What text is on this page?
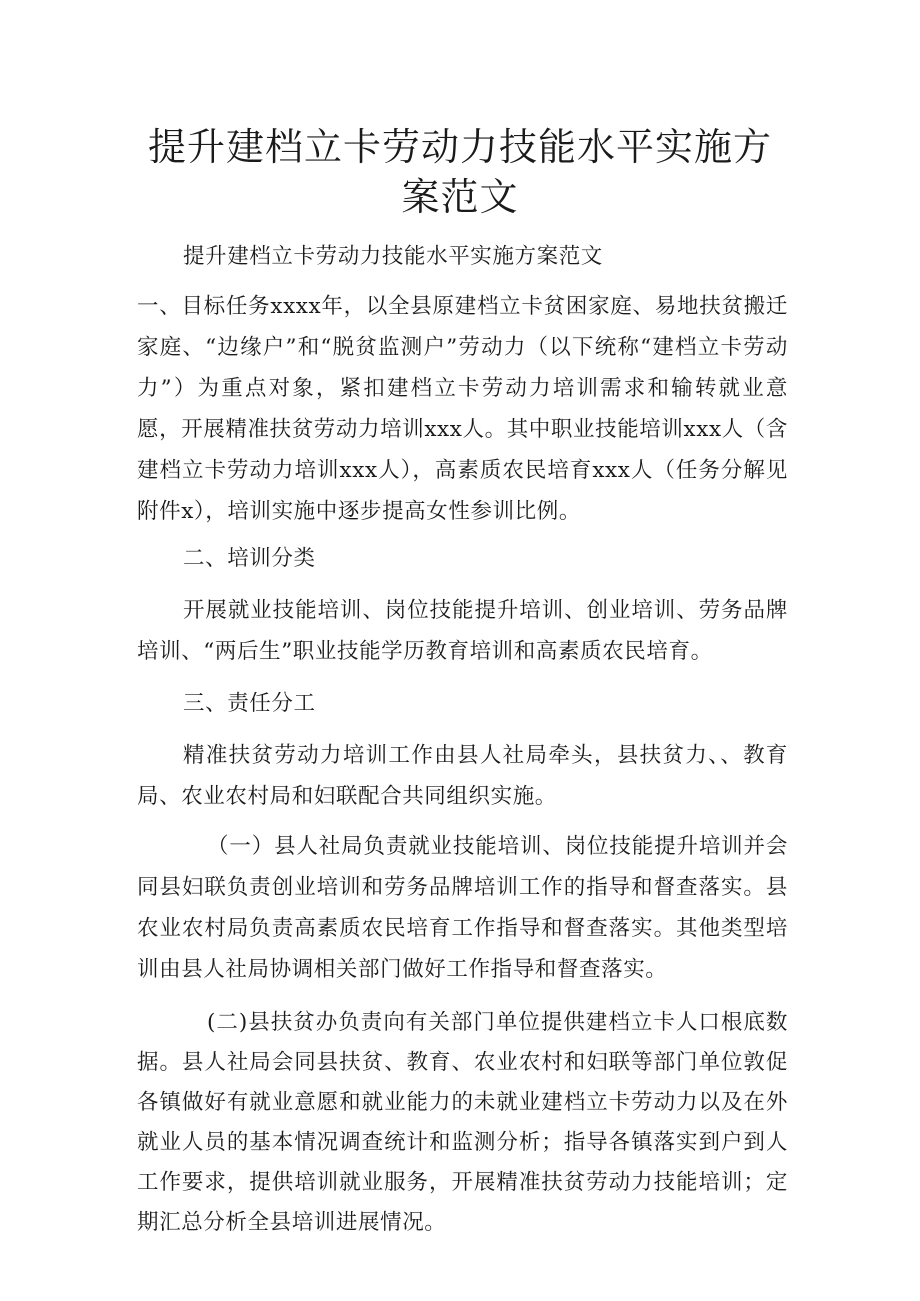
提升建档立卡劳动力技能水平实施方案范文

提升建档立卡劳动力技能水平实施方案范文

一、目标任务xxxx年，以全县原建档立卡贫困家庭、易地扶贫搬迁家庭、“边缘户”和“脱贫监测户”劳动力（以下统称“建档立卡劳动力”）为重点对象，紧扣建档立卡劳动力培训需求和输转就业意愿，开展精准扶贫劳动力培训xxx人。其中职业技能培训xxx人（含建档立卡劳动力培训xxx人），高素质农民培育xxx人（任务分解见附件x），培训实施中逐步提高女性参训比例。

二、培训分类

开展就业技能培训、岗位技能提升培训、创业培训、劳务品牌培训、“两后生”职业技能学历教育培训和高素质农民培育。

三、责任分工

精准扶贫劳动力培训工作由县人社局牵头，县扶贫力、、教育局、农业农村局和妇联配合共同组织实施。

（一）县人社局负责就业技能培训、岗位技能提升培训并会同县妇联负责创业培训和劳务品牌培训工作的指导和督查落实。县农业农村局负责高素质农民培育工作指导和督查落实。其他类型培训由县人社局协调相关部门做好工作指导和督查落实。

(二)县扶贫办负责向有关部门单位提供建档立卡人口根底数据。县人社局会同县扶贫、教育、农业农村和妇联等部门单位敦促各镇做好有就业意愿和就业能力的未就业建档立卡劳动力以及在外就业人员的基本情况调查统计和监测分析；指导各镇落实到户到人工作要求，提供培训就业服务，开展精准扶贫劳动力技能培训；定期汇总分析全县培训进展情况。
